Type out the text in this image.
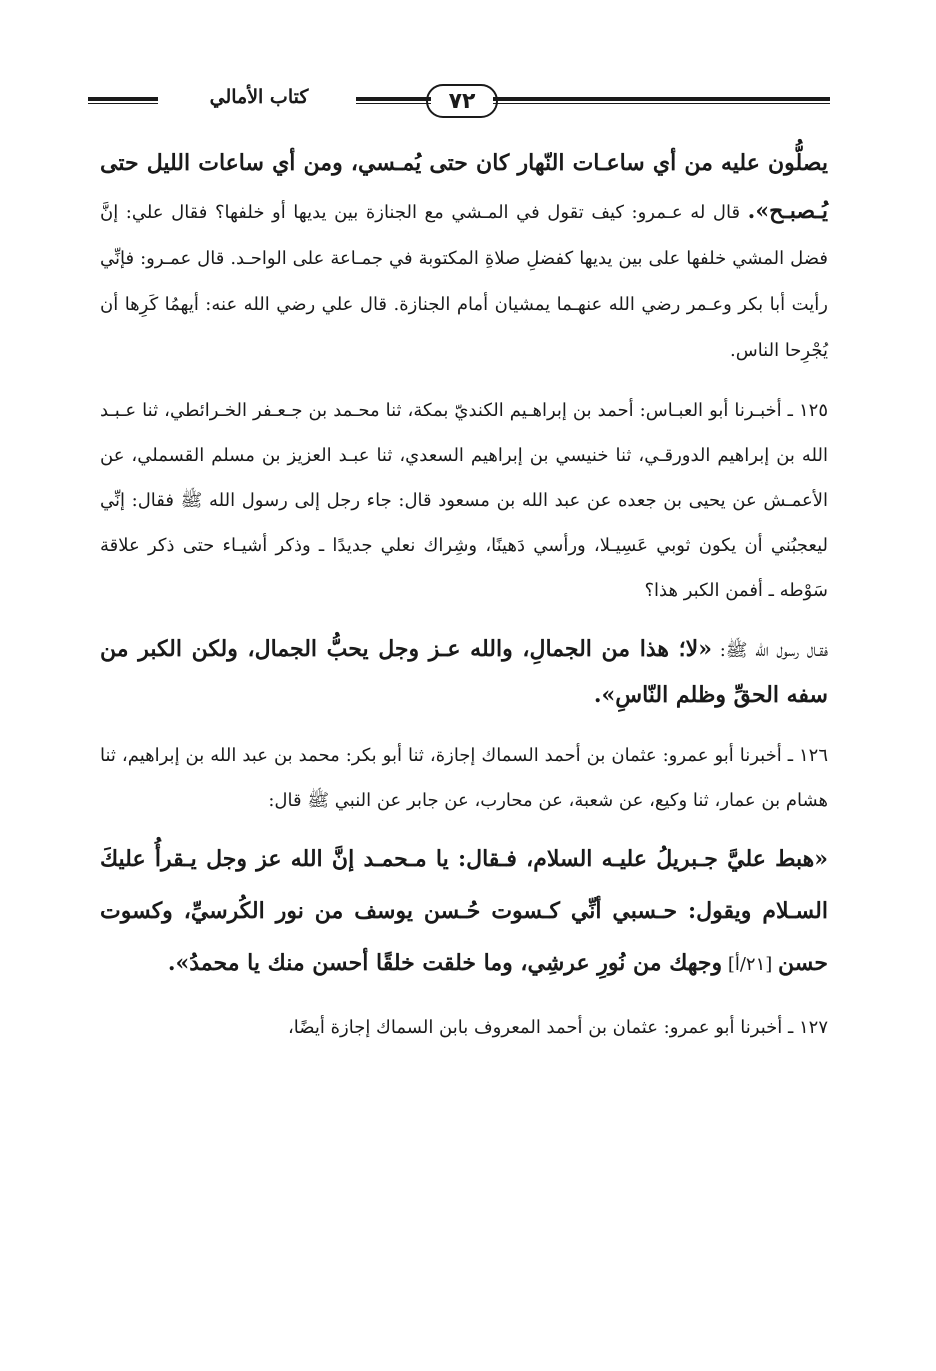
٧٢
كتاب الأمالي

يصلُّون عليه من أي ساعـات النّهار كان حتى يُمـسي، ومن أي ساعات الليل حتى يُـصبـح». قال له عـمرو: كيف تقول في المـشي مع الجنازة بين يديها أو خلفها؟ فقال علي: إنَّ فضل المشي خلفها على بين يديها كفضلِ صلاةِ المكتوبة في جمـاعة على الواحـد. قال عمـرو: فإنِّي رأيت أبا بكر وعـمر رضي الله عنهـما يمشيان أمام الجنازة. قال علي رضي الله عنه: أيهمُا كَرِها أن يُجْرِحا الناس.

١٢٥ ـ أخبـرنا أبو العبـاس: أحمد بن إبراهـيم الكنديّ بمكة، ثنا محـمد بن جـعـفر الخـرائطي، ثنا عـبـد الله بن إبراهيم الدورقـي، ثنا خنيسي بن إبراهيم السعدي، ثنا عبـد العزيز بن مسلم القسملي، عن الأعمـش عن يحيى بن جعده عن عبد الله بن مسعود قال: جاء رجل إلى رسول الله ﷺ فقال: إنِّي ليعجبُني أن يكون ثوبي عَسِيـلا، ورأسي دَهينًا، وشِراك نعلي جديدًا ـ وذكر أشيـاء حتى ذكر علاقة سَوْطه ـ أفمن الكبر هذا؟

فقـال رسول الله ﷺ: «لا؛ هذا من الجمالِ، والله عـز وجل يحبُّ الجمال، ولكن الكبر من سفه الحقِّ وظلم النّاسِ».

١٢٦ ـ أخبرنا أبو عمرو: عثمان بن أحمد السماك إجازة، ثنا أبو بكر: محمد بن عبد الله بن إبراهيم، ثنا هشام بن عمار، ثنا وكيع، عن شعبة، عن محارب، عن جابر عن النبي ﷺ قال:

«هبط عليَّ جـبريلُ عليـه السلام، فـقال: يا مـحمـد إنَّ الله عز وجل يـقرأُ عليكَ السـلام ويقول: حـسبي أنِّي كـسوت حُـسن يوسف من نور الكُرسيِّ، وكسوت حسن [٢١/أ] وجهك من نُورِ عرشِي، وما خلقت خلقًا أحسن منك يا محمدُ».

١٢٧ ـ أخبرنا أبو عمرو: عثمان بن أحمد المعروف بابن السماك إجازة أيضًا،
